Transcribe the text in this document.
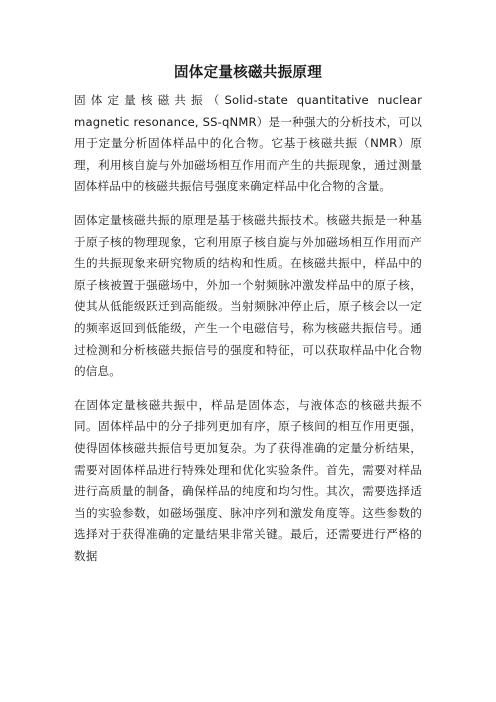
固体定量核磁共振原理

固体定量核磁共振（Solid-state quantitative nuclear magnetic resonance, SS-qNMR）是一种强大的分析技术，可以用于定量分析固体样品中的化合物。它基于核磁共振（NMR）原理，利用核自旋与外加磁场相互作用而产生的共振现象，通过测量固体样品中的核磁共振信号强度来确定样品中化合物的含量。

固体定量核磁共振的原理是基于核磁共振技术。核磁共振是一种基于原子核的物理现象，它利用原子核自旋与外加磁场相互作用而产生的共振现象来研究物质的结构和性质。在核磁共振中，样品中的原子核被置于强磁场中，外加一个射频脉冲激发样品中的原子核，使其从低能级跃迁到高能级。当射频脉冲停止后，原子核会以一定的频率返回到低能级，产生一个电磁信号，称为核磁共振信号。通过检测和分析核磁共振信号的强度和特征，可以获取样品中化合物的信息。

在固体定量核磁共振中，样品是固体态，与液体态的核磁共振不同。固体样品中的分子排列更加有序，原子核间的相互作用更强，使得固体核磁共振信号更加复杂。为了获得准确的定量分析结果，需要对固体样品进行特殊处理和优化实验条件。首先，需要对样品进行高质量的制备，确保样品的纯度和均匀性。其次，需要选择适当的实验参数，如磁场强度、脉冲序列和激发角度等。这些参数的选择对于获得准确的定量结果非常关键。最后，还需要进行严格的数据
